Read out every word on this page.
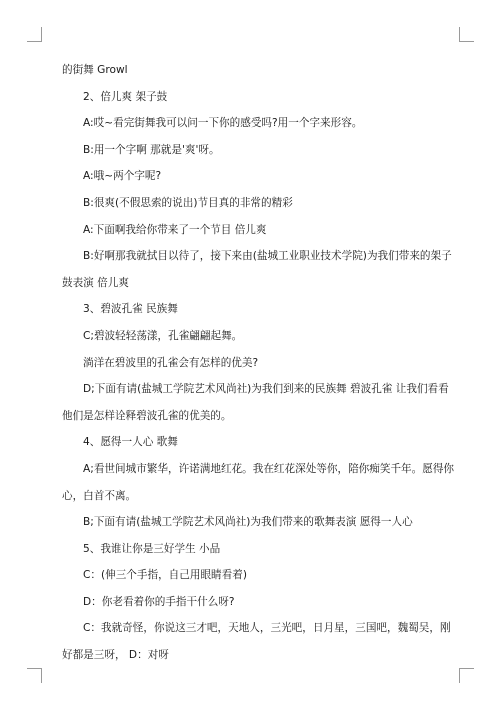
的街舞 Growl

2、倍儿爽 架子鼓

A:哎~看完街舞我可以问一下你的感受吗?用一个字来形容。

B:用一个字啊 那就是'爽'呀。

A:哦~两个字呢?

B:很爽(不假思索的说出)节目真的非常的精彩

A:下面啊我给你带来了一个节目 倍儿爽

B:好啊那我就拭目以待了，接下来由(盐城工业职业技术学院)为我们带来的架子

鼓表演 倍儿爽

3、碧波孔雀 民族舞

C;碧波轻轻荡漾，孔雀翩翩起舞。

淌洋在碧波里的孔雀会有怎样的优美?

D;下面有请(盐城工学院艺术风尚社)为我们到来的民族舞 碧波孔雀 让我们看看

他们是怎样诠释碧波孔雀的优美的。

4、愿得一人心 歌舞

A;看世间城市繁华，许诺满地红花。我在红花深处等你，陪你痴笑千年。愿得你

心，白首不离。

B;下面有请(盐城工学院艺术风尚社)为我们带来的歌舞表演 愿得一人心

5、我谁让你是三好学生 小品

C：(伸三个手指，自己用眼睛看着)

D：你老看着你的手指干什么呀?

C：我就奇怪，你说这三才吧，天地人，三光吧，日月星，三国吧，魏蜀吴，刚

好都是三呀， D：对呀
